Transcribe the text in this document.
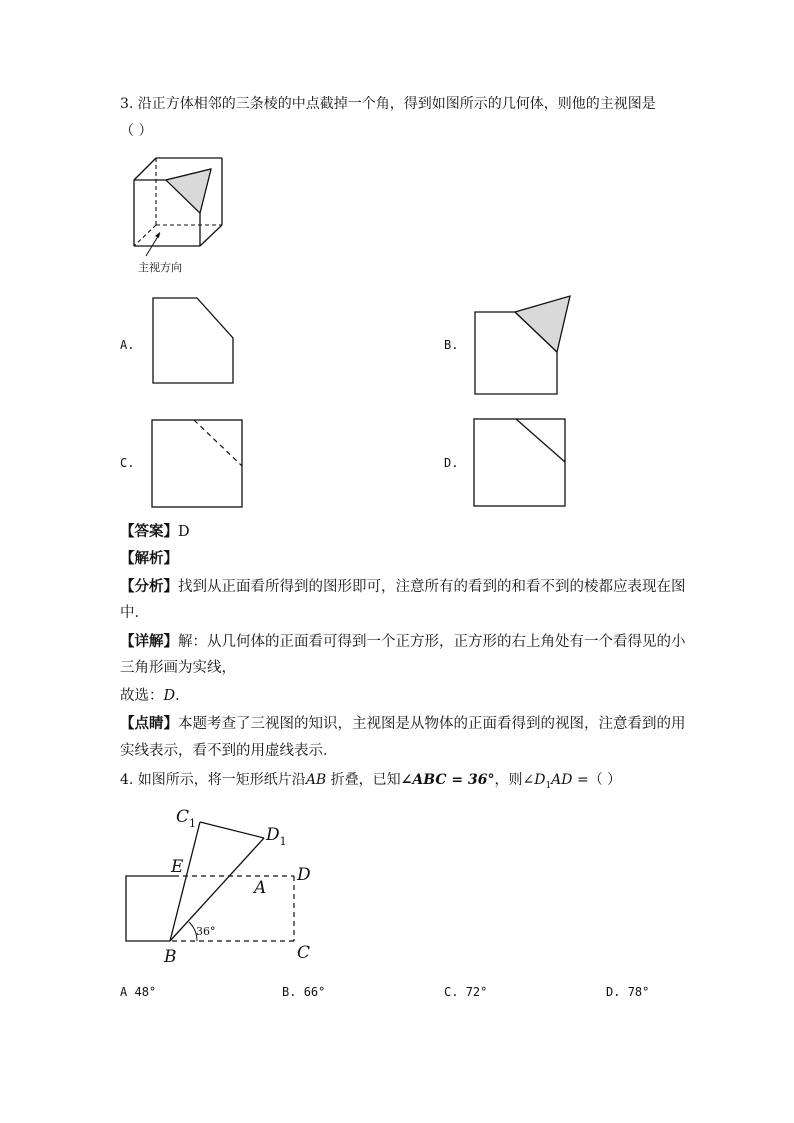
3. 沿正方体相邻的三条棱的中点截掉一个角，得到如图所示的几何体，则他的主视图是
（ ）
主视方向
A.	B.
C.	D.
【答案】D
【解析】
【分析】找到从正面看所得到的图形即可，注意所有的看到的和看不到的棱都应表现在图
中．
【详解】解：从几何体的正面看可得到一个正方形，正方形的右上角处有一个看得见的小
三角形画为实线，
故选：D．
【点睛】本题考查了三视图的知识，主视图是从物体的正面看得到的视图，注意看到的用
实线表示，看不到的用虚线表示．
4. 如图所示，将一矩形纸片沿AB 折叠，已知∠ABC = 36°，则$\angle D_1AD$ =（ ）
$C_1$
$D_1$
E
A
D
B	C
36°
A 48°	B. 66°	C. 72°	D. 78°
